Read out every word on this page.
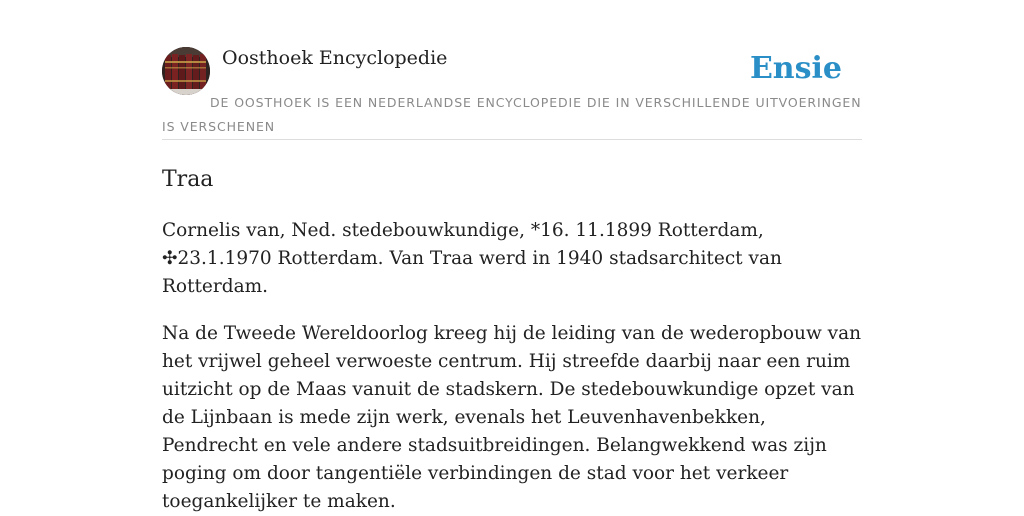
Oosthoek Encyclopedie	Ensie
DE OOSTHOEK IS EEN NEDERLANDSE ENCYCLOPEDIE DIE IN VERSCHILLENDE UITVOERINGEN IS VERSCHENEN
Traa

Cornelis van, Ned. stedebouwkundige, *16. 11.1899 Rotterdam, ✣23.1.1970 Rotterdam. Van Traa werd in 1940 stadsarchitect van Rotterdam.

Na de Tweede Wereldoorlog kreeg hij de leiding van de wederopbouw van het vrijwel geheel verwoeste centrum. Hij streefde daarbij naar een ruim uitzicht op de Maas vanuit de stadskern. De stedebouwkundige opzet van de Lijnbaan is mede zijn werk, evenals het Leuvenhavenbekken, Pendrecht en vele andere stadsuitbreidingen. Belangwekkend was zijn poging om door tangentiële verbindingen de stad voor het verkeer toegankelijker te maken.
